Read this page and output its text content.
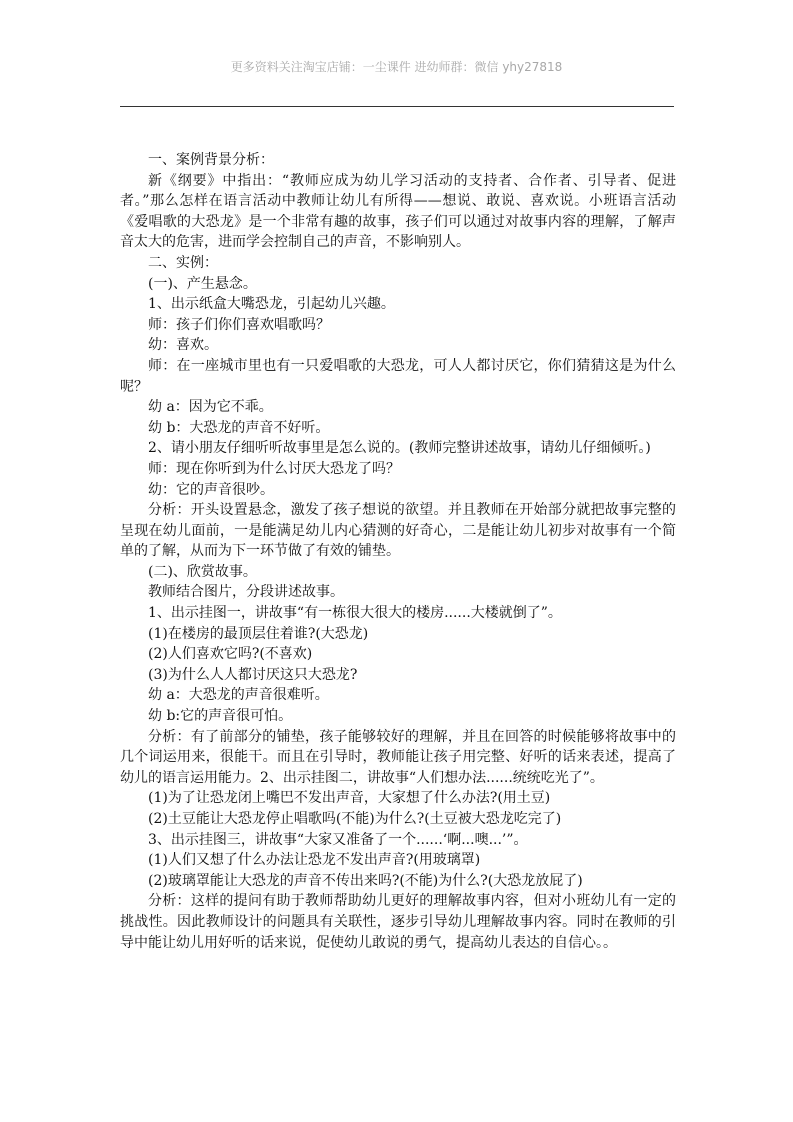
更多资料关注淘宝店铺：一尘课件 进幼师群：微信 yhy27818

一、案例背景分析：

新《纲要》中指出：“教师应成为幼儿学习活动的支持者、合作者、引导者、促进者。”那么怎样在语言活动中教师让幼儿有所得——想说、敢说、喜欢说。小班语言活动《爱唱歌的大恐龙》是一个非常有趣的故事，孩子们可以通过对故事内容的理解，了解声音太大的危害，进而学会控制自己的声音，不影响别人。

二、实例：

(一)、产生悬念。

1、出示纸盒大嘴恐龙，引起幼儿兴趣。

师：孩子们你们喜欢唱歌吗？

幼：喜欢。

师：在一座城市里也有一只爱唱歌的大恐龙，可人人都讨厌它，你们猜猜这是为什么呢？

幼 a：因为它不乖。

幼 b：大恐龙的声音不好听。

2、请小朋友仔细听听故事里是怎么说的。(教师完整讲述故事，请幼儿仔细倾听。)

师：现在你听到为什么讨厌大恐龙了吗？

幼：它的声音很吵。

分析：开头设置悬念，激发了孩子想说的欲望。并且教师在开始部分就把故事完整的呈现在幼儿面前，一是能满足幼儿内心猜测的好奇心，二是能让幼儿初步对故事有一个简单的了解，从而为下一环节做了有效的铺垫。

(二)、欣赏故事。

教师结合图片，分段讲述故事。

1、出示挂图一，讲故事“有一栋很大很大的楼房......大楼就倒了”。

(1)在楼房的最顶层住着谁?(大恐龙)

(2)人们喜欢它吗?(不喜欢)

(3)为什么人人都讨厌这只大恐龙?

幼 a：大恐龙的声音很难听。

幼 b:它的声音很可怕。

分析：有了前部分的铺垫，孩子能够较好的理解，并且在回答的时候能够将故事中的几个词运用来，很能干。而且在引导时，教师能让孩子用完整、好听的话来表述，提高了幼儿的语言运用能力。2、出示挂图二，讲故事“人们想办法......统统吃光了”。

(1)为了让恐龙闭上嘴巴不发出声音，大家想了什么办法?(用土豆)

(2)土豆能让大恐龙停止唱歌吗(不能)为什么?(土豆被大恐龙吃完了)

3、出示挂图三，讲故事“大家又准备了一个......‘啊...噢...’”。

(1)人们又想了什么办法让恐龙不发出声音?(用玻璃罩)

(2)玻璃罩能让大恐龙的声音不传出来吗?(不能)为什么?(大恐龙放屁了)

分析：这样的提问有助于教师帮助幼儿更好的理解故事内容，但对小班幼儿有一定的挑战性。因此教师设计的问题具有关联性，逐步引导幼儿理解故事内容。同时在教师的引导中能让幼儿用好听的话来说，促使幼儿敢说的勇气，提高幼儿表达的自信心。。
